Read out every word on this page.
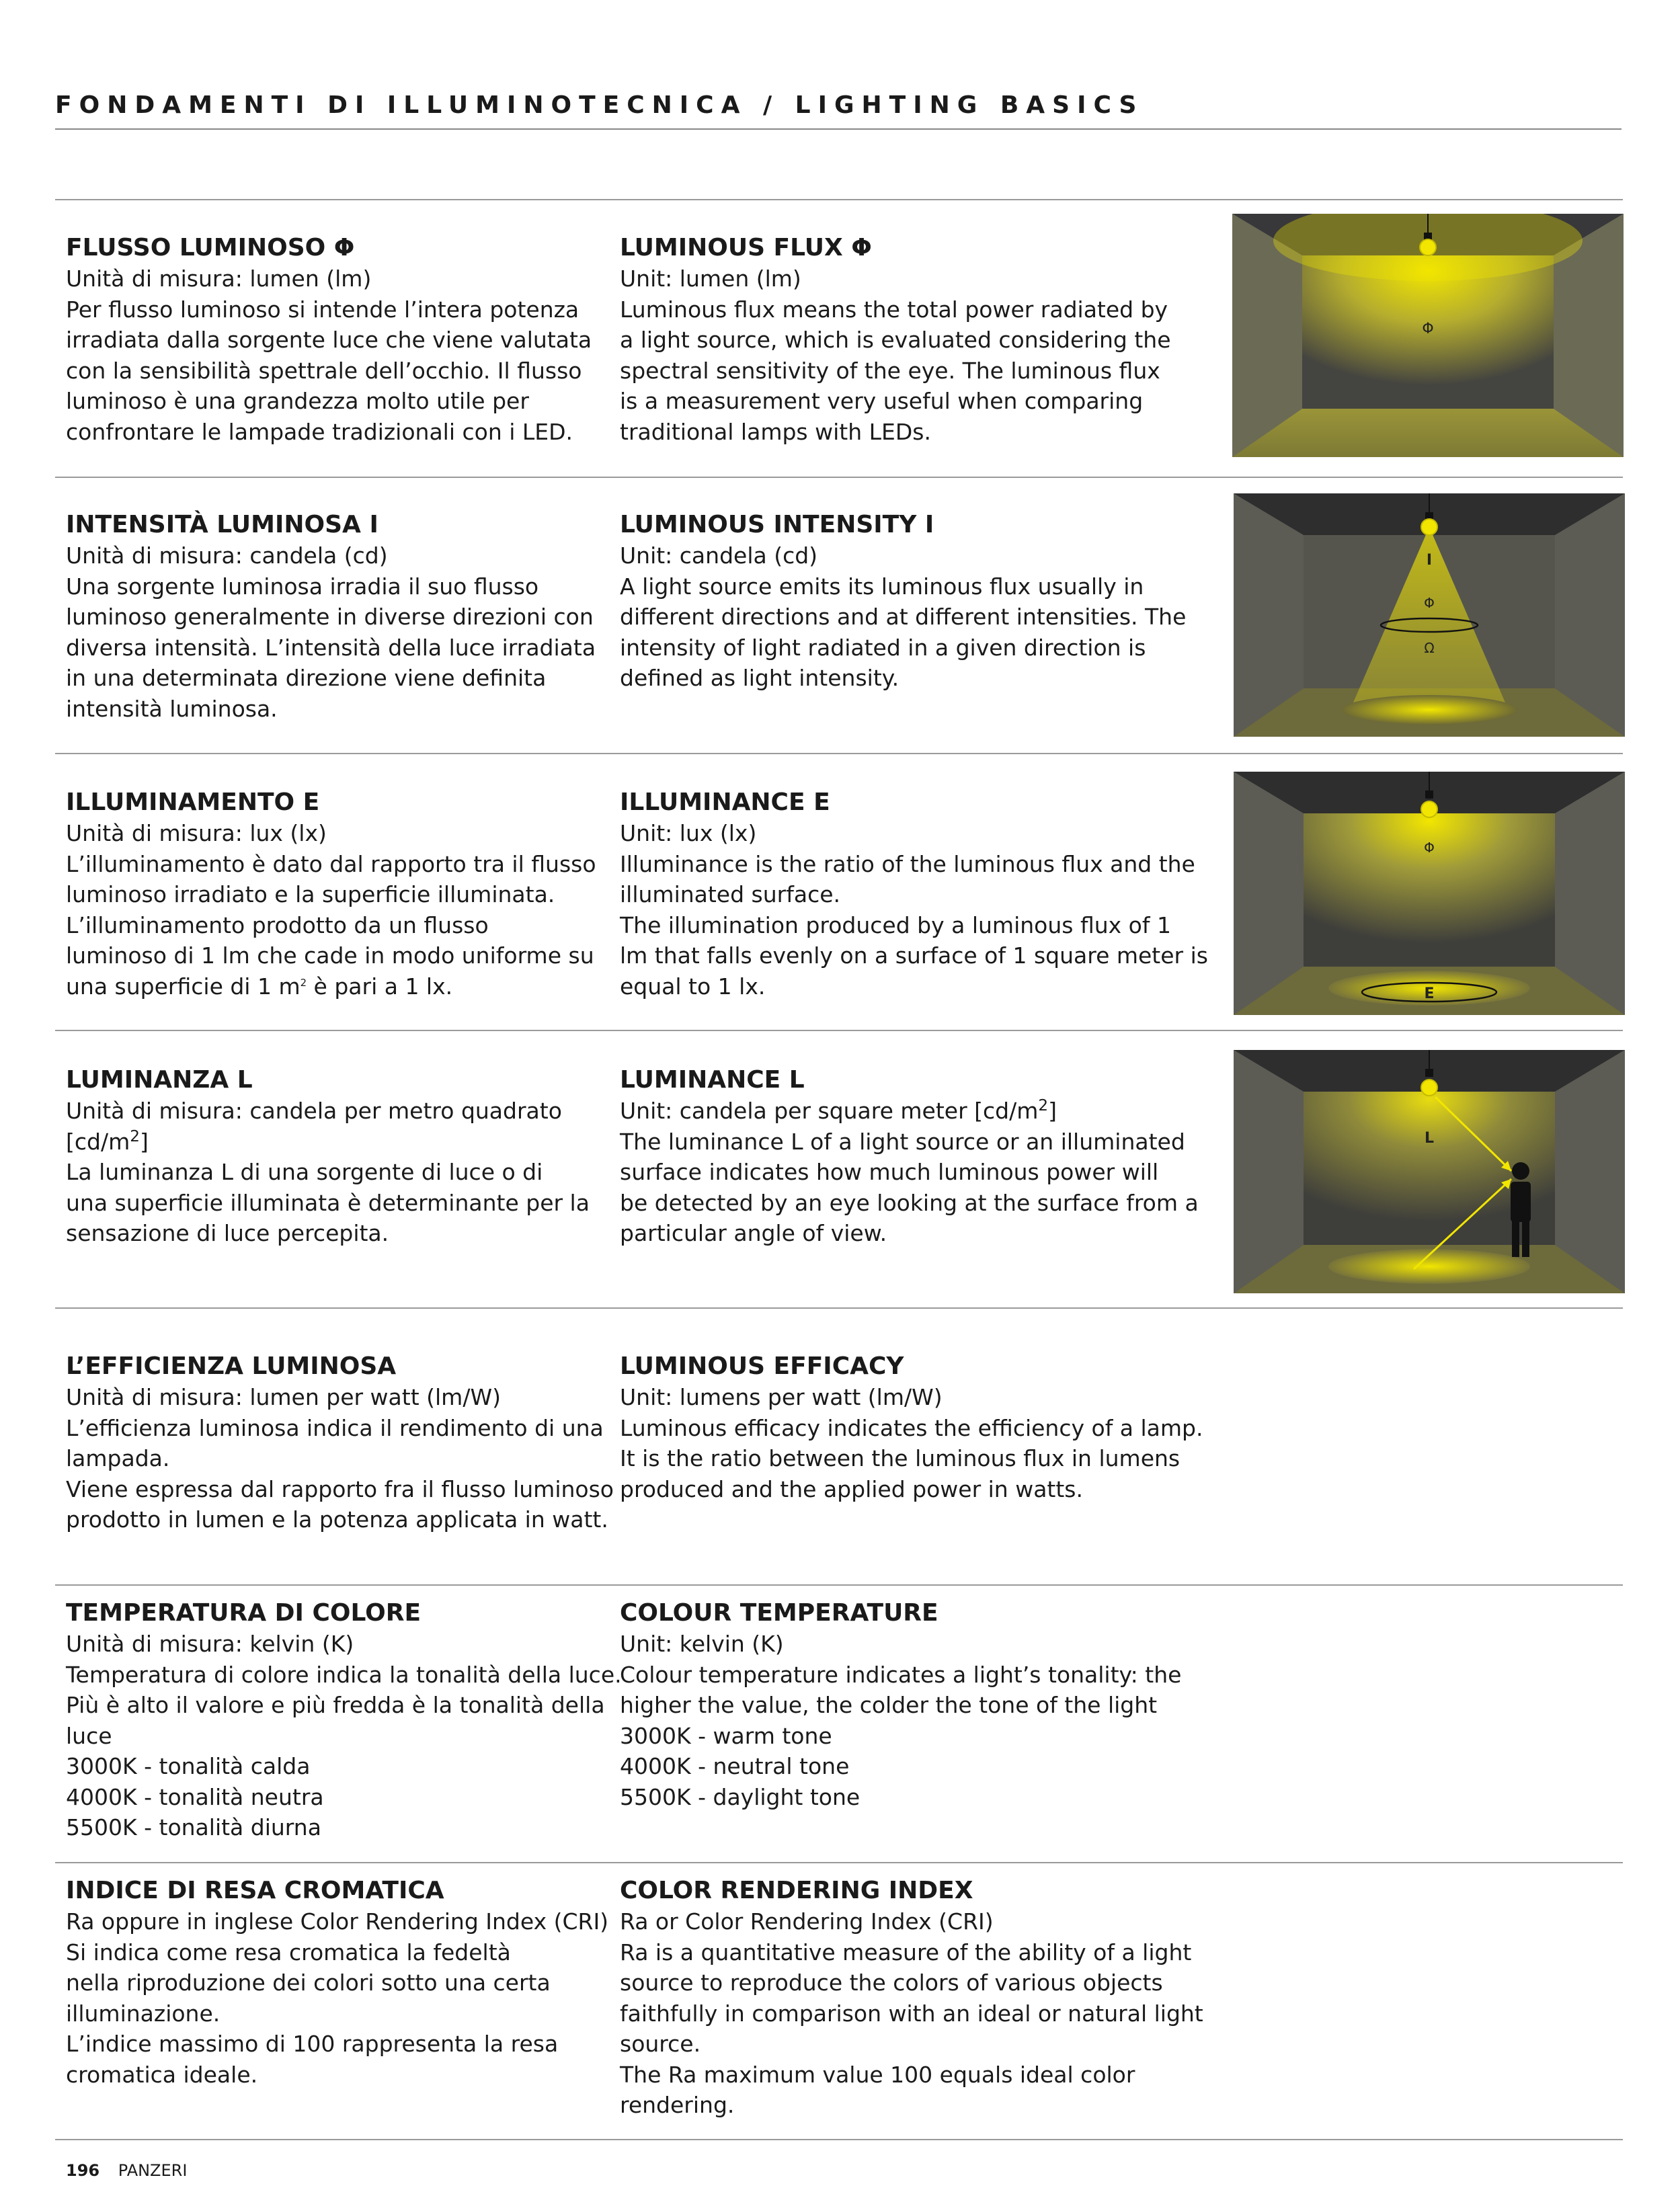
FONDAMENTI DI ILLUMINOTECNICA / LIGHTING BASICS
FLUSSO LUMINOSO Φ

Unità di misura: lumen (lm)

Per flusso luminoso si intende l’intera potenza

irradiata dalla sorgente luce che viene valutata

con la sensibilità spettrale dell’occhio. Il flusso

luminoso è una grandezza molto utile per

confrontare le lampade tradizionali con i LED.

LUMINOUS FLUX Φ

Unit: lumen (lm)

Luminous flux means the total power radiated by

a light source, which is evaluated considering the

spectral sensitivity of the eye. The luminous flux

is a measurement very useful when comparing

traditional lamps with LEDs.

Φ
INTENSITÀ LUMINOSA I

Unità di misura: candela (cd)

Una sorgente luminosa irradia il suo flusso

luminoso generalmente in diverse direzioni con

diversa intensità. L’intensità della luce irradiata

in una determinata direzione viene definita

intensità luminosa.

LUMINOUS INTENSITY I

Unit: candela (cd)

A light source emits its luminous flux usually in

different directions and at different intensities. The

intensity of light radiated in a given direction is

defined as light intensity.

I
Φ
Ω
ILLUMINAMENTO E

Unità di misura: lux (lx)

L’illuminamento è dato dal rapporto tra il flusso

luminoso irradiato e la superficie illuminata.

L’illuminamento prodotto da un flusso

luminoso di 1 lm che cade in modo uniforme su

una superficie di 1 $m^2$ è pari a 1 lx.

ILLUMINANCE E

Unit: lux (lx)

Illuminance is the ratio of the luminous flux and the

illuminated surface.

The illumination produced by a luminous flux of 1

lm that falls evenly on a surface of 1 square meter is

equal to 1 lx.

Φ
E
LUMINANZA L

Unità di misura: candela per metro quadrato

$[cd/m^2]$

La luminanza L di una sorgente di luce o di

una superficie illuminata è determinante per la

sensazione di luce percepita.

LUMINANCE L

Unit: candela per square meter $[cd/m^2]$

The luminance L of a light source or an illuminated

surface indicates how much luminous power will

be detected by an eye looking at the surface from a

particular angle of view.

L
L’EFFICIENZA LUMINOSA

Unità di misura: lumen per watt (lm/W)

L’efficienza luminosa indica il rendimento di una

lampada.

Viene espressa dal rapporto fra il flusso luminoso

prodotto in lumen e la potenza applicata in watt.

LUMINOUS EFFICACY

Unit: lumens per watt (lm/W)

Luminous efficacy indicates the efficiency of a lamp.

It is the ratio between the luminous flux in lumens

produced and the applied power in watts.

TEMPERATURA DI COLORE

Unità di misura: kelvin (K)

Temperatura di colore indica la tonalità della luce.

Più è alto il valore e più fredda è la tonalità della

luce

3000K - tonalità calda

4000K - tonalità neutra

5500K - tonalità diurna

COLOUR TEMPERATURE

Unit: kelvin (K)

Colour temperature indicates a light’s tonality: the

higher the value, the colder the tone of the light

3000K - warm tone

4000K - neutral tone

5500K - daylight tone

INDICE DI RESA CROMATICA

Ra oppure in inglese Color Rendering Index (CRI)

Si indica come resa cromatica la fedeltà

nella riproduzione dei colori sotto una certa

illuminazione.

L’indice massimo di 100 rappresenta la resa

cromatica ideale.

COLOR RENDERING INDEX

Ra or Color Rendering Index (CRI)

Ra is a quantitative measure of the ability of a light

source to reproduce the colors of various objects

faithfully in comparison with an ideal or natural light

source.

The Ra maximum value 100 equals ideal color

rendering.

196 PANZERI
